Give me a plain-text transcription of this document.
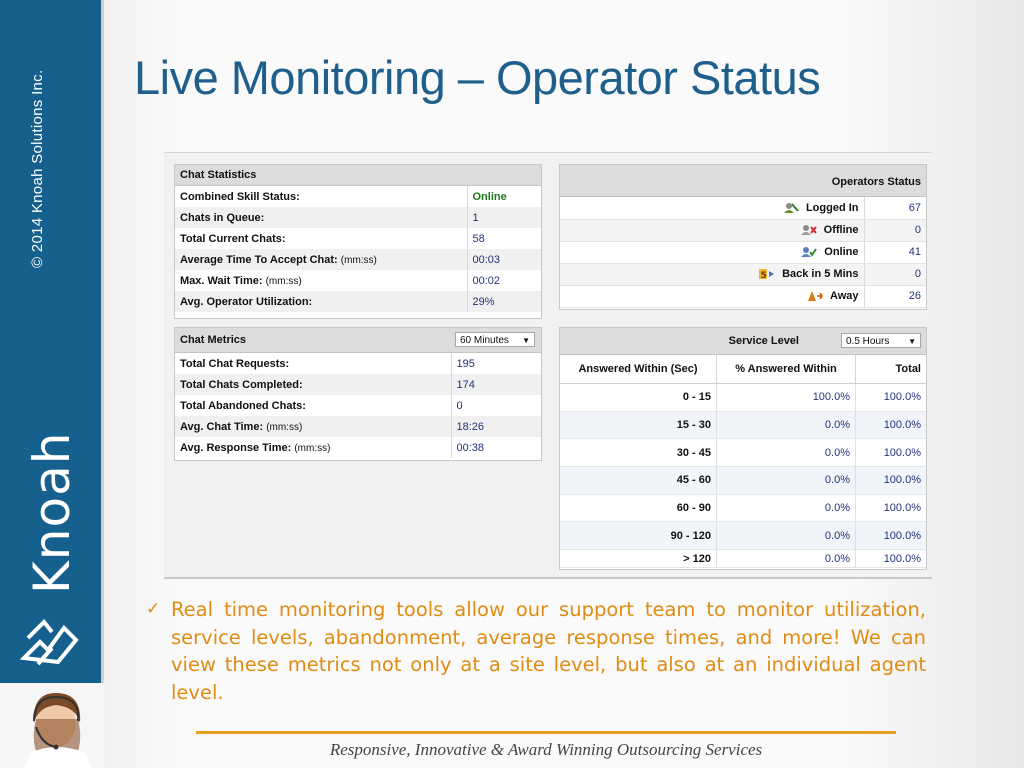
© 2014 Knoah Solutions Inc.
Knoah
Live Monitoring – Operator Status
Chat Statistics
Combined Skill Status:	Online
Chats in Queue:	1
Total Current Chats:	58
Average Time To Accept Chat: (mm:ss)	00:03
Max. Wait Time: (mm:ss)	00:02
Avg. Operator Utilization:	29%
Operators Status
Logged In	67
Offline	0
Online	41

5 Back in 5 Mins	0
Away	26
Chat Metrics	60 Minutes ▼
Total Chat Requests:	195
Total Chats Completed:	174
Total Abandoned Chats:	0
Avg. Chat Time: (mm:ss)	18:26
Avg. Response Time: (mm:ss)	00:38
Service Level	0.5 Hours ▼
Answered Within (Sec)	% Answered Within	Total
0 - 15	100.0%	100.0%
15 - 30	0.0%	100.0%
30 - 45	0.0%	100.0%
45 - 60	0.0%	100.0%
60 - 90	0.0%	100.0%
90 - 120	0.0%	100.0%
> 120	0.0%	100.0%
✓ Real time monitoring tools allow our support team to monitor utilization, service levels, abandonment, average response times, and more! We can view these metrics not only at a site level, but also at an individual agent level.
Responsive, Innovative & Award Winning Outsourcing Services
